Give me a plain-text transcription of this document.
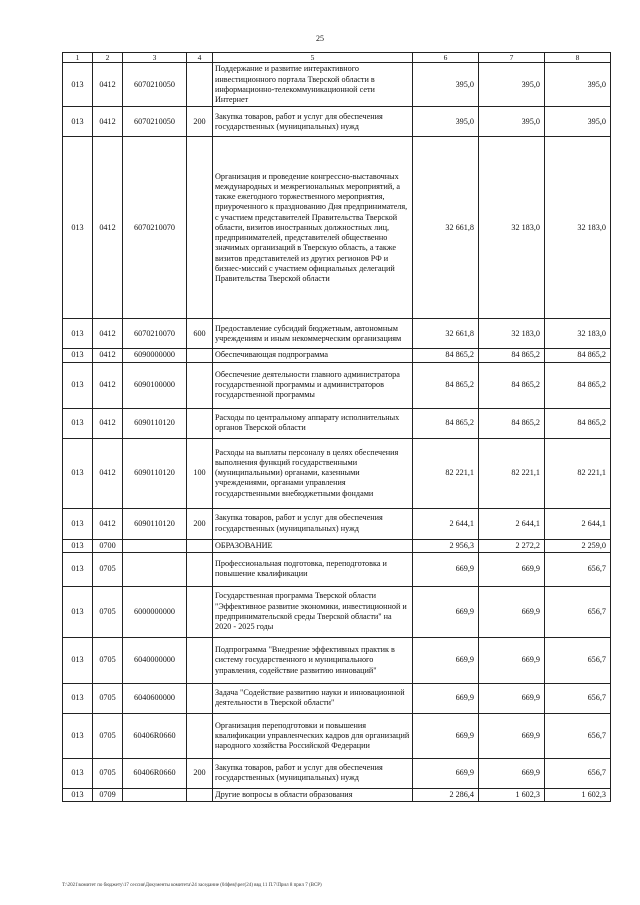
25
1	2	3	4	5	6	7	8
013	0412	6070210050		Поддержание и развитие интерактивного инвестиционного портала Тверской области в информационно-телекоммуникационной сети Интернет	395,0	395,0	395,0
013	0412	6070210050	200	Закупка товаров, работ и услуг для обеспечения государственных (муниципальных) нужд	395,0	395,0	395,0
013	0412	6070210070		Организация и проведение конгрессно-выставочных международных и межрегиональных мероприятий, а также ежегодного торжественного мероприятия, приуроченного к празднованию Дня предпринимателя, с участием представителей Правительства Тверской области, визитов иностранных должностных лиц, предпринимателей, представителей общественно значимых организаций в Тверскую область, а также визитов представителей из других регионов РФ и бизнес-миссий с участием официальных делегаций Правительства Тверской области	32 661,8	32 183,0	32 183,0
013	0412	6070210070	600	Предоставление субсидий бюджетным, автономным учреждениям и иным некоммерческим организациям	32 661,8	32 183,0	32 183,0
013	0412	6090000000		Обеспечивающая подпрограмма	84 865,2	84 865,2	84 865,2
013	0412	6090100000		Обеспечение деятельности главного администратора государственной программы и администраторов государственной программы	84 865,2	84 865,2	84 865,2
013	0412	6090110120		Расходы по центральному аппарату исполнительных органов Тверской области	84 865,2	84 865,2	84 865,2
013	0412	6090110120	100	Расходы на выплаты персоналу в целях обеспечения выполнения функций государственными (муниципальными) органами, казенными учреждениями, органами управления государственными внебюджетными фондами	82 221,1	82 221,1	82 221,1
013	0412	6090110120	200	Закупка товаров, работ и услуг для обеспечения государственных (муниципальных) нужд	2 644,1	2 644,1	2 644,1
013	0700			ОБРАЗОВАНИЕ	2 956,3	2 272,2	2 259,0
013	0705			Профессиональная подготовка, переподготовка и повышение квалификации	669,9	669,9	656,7
013	0705	6000000000		Государственная программа Тверской области "Эффективное развитие экономики, инвестиционной и предпринимательской среды Тверской области" на 2020 - 2025 годы	669,9	669,9	656,7
013	0705	6040000000		Подпрограмма "Внедрение эффективных практик в систему государственного и муниципального управления, содействие развитию инноваций"	669,9	669,9	656,7
013	0705	6040600000		Задача "Содействие развитию науки и инновационной деятельности в Тверской области"	669,9	669,9	656,7
013	0705	60406R0660		Организация переподготовки и повышения квалификации управленческих кадров для организаций народного хозяйства Российской Федерации	669,9	669,9	656,7
013	0705	60406R0660	200	Закупка товаров, работ и услуг для обеспечения государственных (муниципальных) нужд	669,9	669,9	656,7
013	0709			Другие вопросы в области образования	2 286,4	1 602,3	1 602,3
T:\2021\комитет по бюджету\17 сессия\Документы комитета\24 заседание (04фев)\рег(24) ввд 11 П.7\Прил 8 прил 7 (ВСР)
